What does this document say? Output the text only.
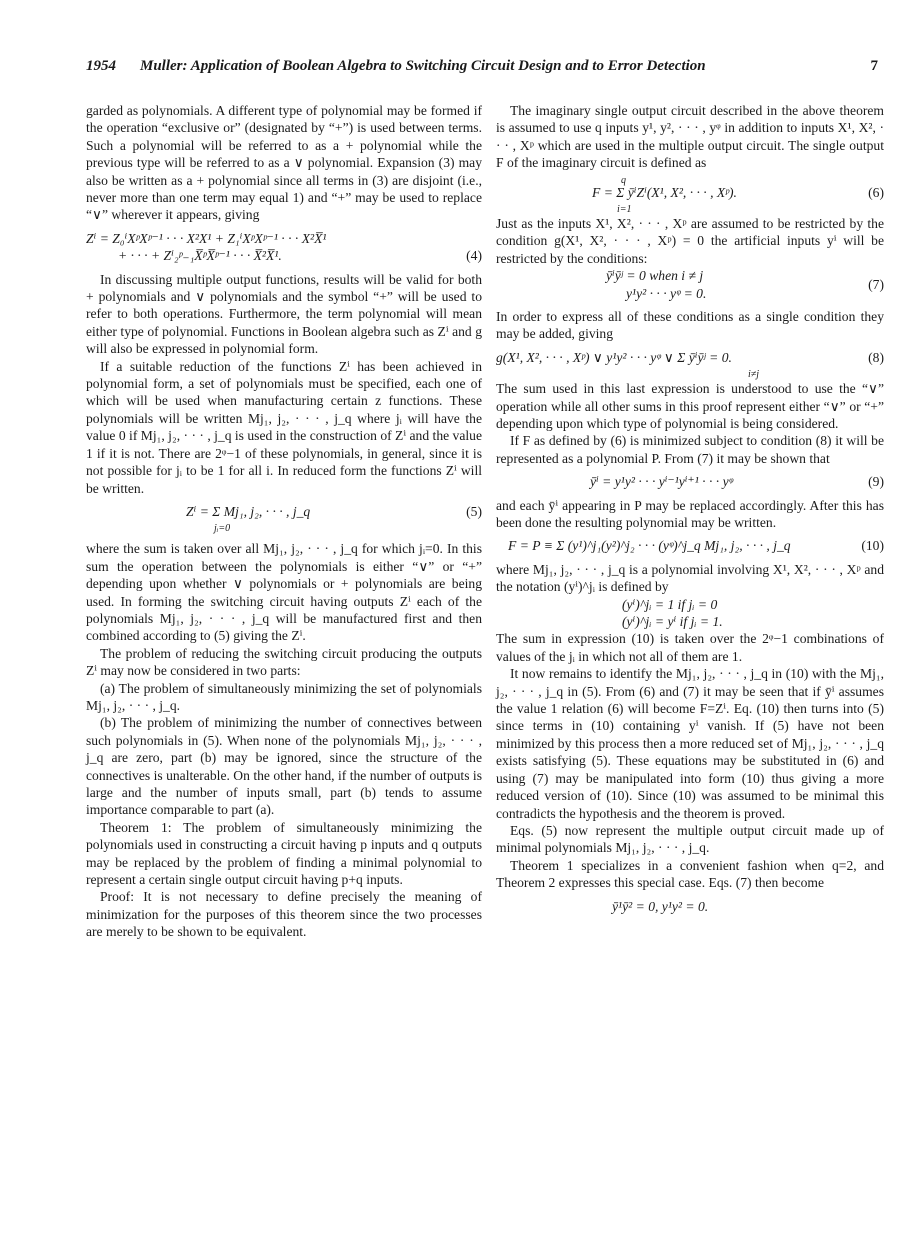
1954 Muller: Application of Boolean Algebra to Switching Circuit Design and to Error Detection	7

garded as polynomials. A different type of polynomial may be formed if the operation “exclusive or” (designated by “+”) is used between terms. Such a polynomial will be referred to as a + polynomial while the previous type will be referred to as a ∨ polynomial. Expansion (3) may also be written as a + polynomial since all terms in (3) are disjoint (i.e., never more than one term may equal 1) and “+” may be used to replace “∨” wherever it appears, giving

Zⁱ = Z₀ⁱXᵖXᵖ⁻¹ · · · X²X¹ + Z₁ⁱXᵖXᵖ⁻¹ · · · X²X̅¹
+ · · · + Zⁱ₂ᵖ₋₁X̅ᵖX̅ᵖ⁻¹ · · · X̅²X̅¹.	(4)

In discussing multiple output functions, results will be valid for both + polynomials and ∨ polynomials and the symbol “+” will be used to refer to both operations. Furthermore, the term polynomial will mean either type of polynomial. Functions in Boolean algebra such as Zⁱ and g will also be expressed in polynomial form.

If a suitable reduction of the functions Zⁱ has been achieved in polynomial form, a set of polynomials must be specified, each one of which will be used when manufacturing certain z functions. These polynomials will be written Mj₁, j₂, · · · , j_q where jᵢ will have the value 0 if Mj₁, j₂, · · · , j_q is used in the construction of Zⁱ and the value 1 if it is not. There are 2ᵠ−1 of these polynomials, in general, since it is not possible for jᵢ to be 1 for all i. In reduced form the functions Zⁱ will be written.

Zⁱ = Σ Mj₁, j₂, · · · , j_q	(5)
jᵢ=0

where the sum is taken over all Mj₁, j₂, · · · , j_q for which jᵢ=0. In this sum the operation between the polynomials is either “∨” or “+” depending upon whether ∨ polynomials or + polynomials are being used. In forming the switching circuit having outputs Zⁱ each of the polynomials Mj₁, j₂, · · · , j_q will be manufactured first and then combined according to (5) giving the Zⁱ.

The problem of reducing the switching circuit producing the outputs Zⁱ may now be considered in two parts:

(a) The problem of simultaneously minimizing the set of polynomials Mj₁, j₂, · · · , j_q.

(b) The problem of minimizing the number of connectives between such polynomials in (5). When none of the polynomials Mj₁, j₂, · · · , j_q are zero, part (b) may be ignored, since the structure of the connectives is unalterable. On the other hand, if the number of outputs is large and the number of inputs small, part (b) tends to assume importance comparable to part (a).

Theorem 1: The problem of simultaneously minimizing the polynomials used in constructing a circuit having p inputs and q outputs may be replaced by the problem of finding a minimal polynomial to represent a certain single output circuit having p+q inputs.

Proof: It is not necessary to define precisely the meaning of minimization for the purposes of this theorem since the two processes are merely to be shown to be equivalent.

The imaginary single output circuit described in the above theorem is assumed to use q inputs y¹, y², · · · , yᵠ in addition to inputs X¹, X², · · · , Xᵖ which are used in the multiple output circuit. The single output F of the imaginary circuit is defined as

q
F = Σ ȳⁱZⁱ(X¹, X², · · · , Xᵖ).	(6)
i=1

Just as the inputs X¹, X², · · · , Xᵖ are assumed to be restricted by the condition g(X¹, X², · · · , Xᵖ) = 0 the artificial inputs yⁱ will be restricted by the conditions:

ȳⁱȳʲ = 0 when i ≠ j
y¹y² · · · yᵠ = 0.
(7)

In order to express all of these conditions as a single condition they may be added, giving

g(X¹, X², · · · , Xᵖ) ∨ y¹y² · · · yᵠ ∨ Σ ȳⁱȳʲ = 0.	(8)
i≠j

The sum used in this last expression is understood to use the “∨” operation while all other sums in this proof represent either “∨” or “+” depending upon which type of polynomial is being considered.

If F as defined by (6) is minimized subject to condition (8) it will be represented as a polynomial P. From (7) it may be shown that

ȳⁱ = y¹y² · · · yⁱ⁻¹yⁱ⁺¹ · · · yᵠ	(9)

and each ȳⁱ appearing in P may be replaced accordingly. After this has been done the resulting polynomial may be written.

F = P ≡ Σ (y¹)^j₁(y²)^j₂ · · · (yᵠ)^j_q Mj₁, j₂, · · · , j_q	(10)

where Mj₁, j₂, · · · , j_q is a polynomial involving X¹, X², · · · , Xᵖ and the notation (yⁱ)^jᵢ is defined by

(yⁱ)^jᵢ = 1 if jᵢ = 0
(yⁱ)^jᵢ = yⁱ if jᵢ = 1.

The sum in expression (10) is taken over the 2ᵠ−1 combinations of values of the jᵢ in which not all of them are 1.

It now remains to identify the Mj₁, j₂, · · · , j_q in (10) with the Mj₁, j₂, · · · , j_q in (5). From (6) and (7) it may be seen that if ȳⁱ assumes the value 1 relation (6) will become F=Zⁱ. Eq. (10) then turns into (5) since terms in (10) containing yⁱ vanish. If (5) have not been minimized by this process then a more reduced set of Mj₁, j₂, · · · , j_q exists satisfying (5). These equations may be substituted in (6) and using (7) may be manipulated into form (10) thus giving a more reduced version of (10). Since (10) was assumed to be minimal this contradicts the hypothesis and the theorem is proved.

Eqs. (5) now represent the multiple output circuit made up of minimal polynomials Mj₁, j₂, · · · , j_q.

Theorem 1 specializes in a convenient fashion when q=2, and Theorem 2 expresses this special case. Eqs. (7) then become

ȳ¹ȳ² = 0, y¹y² = 0.
